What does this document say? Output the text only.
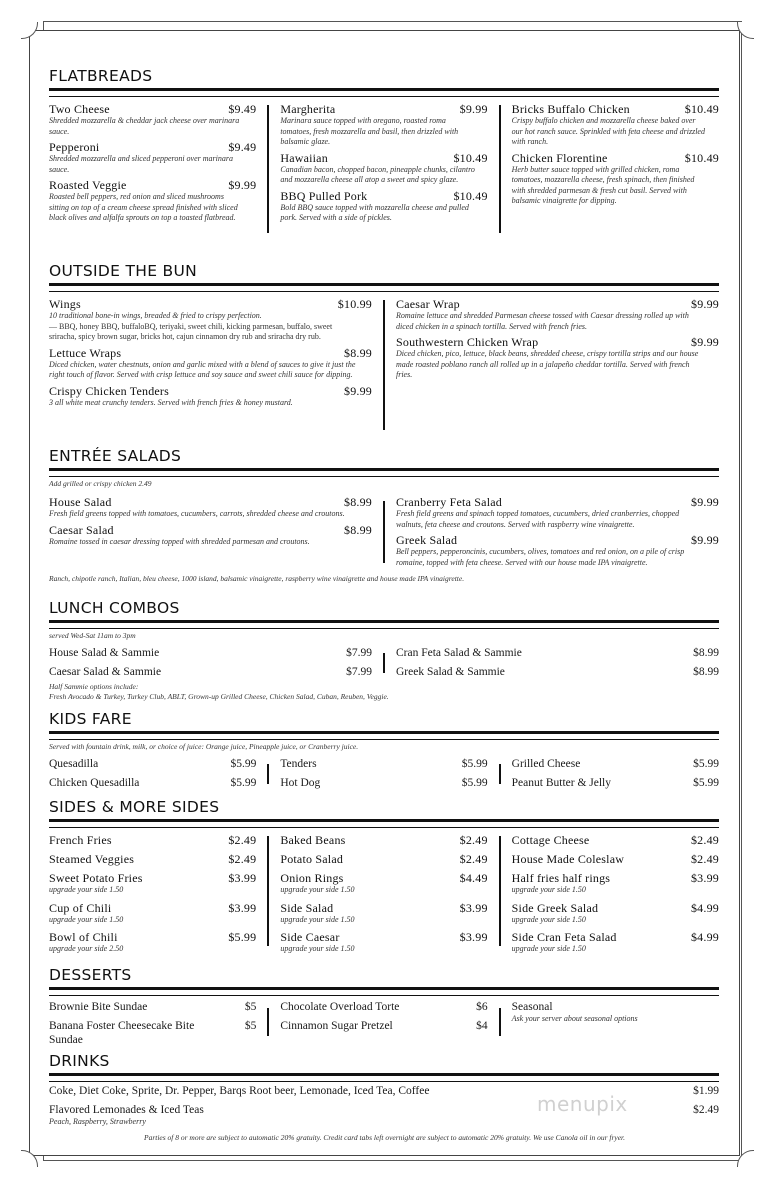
FLATBREADS
Two Cheese	$9.49
Shredded mozzarella & cheddar jack cheese over marinara sauce.
Pepperoni	$9.49
Shredded mozzarella and sliced pepperoni over marinara sauce.
Roasted Veggie	$9.99
Roasted bell peppers, red onion and sliced mushrooms sitting on top of a cream cheese spread finished with sliced black olives and alfalfa sprouts on top a toasted flatbread.
Margherita	$9.99
Marinara sauce topped with oregano, roasted roma tomatoes, fresh mozzarella and basil, then drizzled with balsamic glaze.
Hawaiian	$10.49
Canadian bacon, chopped bacon, pineapple chunks, cilantro and mozzarella cheese all atop a sweet and spicy glaze.
BBQ Pulled Pork	$10.49
Bold BBQ sauce topped with mozzarella cheese and pulled pork. Served with a side of pickles.
Bricks Buffalo Chicken	$10.49
Crispy buffalo chicken and mozzarella cheese baked over our hot ranch sauce. Sprinkled with feta cheese and drizzled with ranch.
Chicken Florentine	$10.49
Herb butter sauce topped with grilled chicken, roma tomatoes, mozzarella cheese, fresh spinach, then finished with shredded parmesan & fresh cut basil. Served with balsamic vinaigrette for dipping.
OUTSIDE THE BUN
Wings	$10.99
10 traditional bone-in wings, breaded & fried to crispy perfection.
— BBQ, honey BBQ, buffaloBQ, teriyaki, sweet chili, kicking parmesan, buffalo, sweet sriracha, spicy brown sugar, bricks hot, cajun cinnamon dry rub and sriracha dry rub.
Lettuce Wraps	$8.99
Diced chicken, water chestnuts, onion and garlic mixed with a blend of sauces to give it just the right touch of flavor. Served with crisp lettuce and soy sauce and sweet chili sauce for dipping.
Crispy Chicken Tenders	$9.99
3 all white meat crunchy tenders. Served with french fries & honey mustard.
Caesar Wrap	$9.99
Romaine lettuce and shredded Parmesan cheese tossed with Caesar dressing rolled up with diced chicken in a spinach tortilla. Served with french fries.
Southwestern Chicken Wrap	$9.99
Diced chicken, pico, lettuce, black beans, shredded cheese, crispy tortilla strips and our house made roasted poblano ranch all rolled up in a jalapeño cheddar tortilla. Served with french fries.
ENTRÉE SALADS
Add grilled or crispy chicken 2.49
House Salad	$8.99
Fresh field greens topped with tomatoes, cucumbers, carrots, shredded cheese and croutons.
Caesar Salad	$8.99
Romaine tossed in caesar dressing topped with shredded parmesan and croutons.
Cranberry Feta Salad	$9.99
Fresh field greens and spinach topped tomatoes, cucumbers, dried cranberries, chopped walnuts, feta cheese and croutons. Served with raspberry wine vinaigrette.
Greek Salad	$9.99
Bell peppers, pepperoncinis, cucumbers, olives, tomatoes and red onion, on a pile of crisp romaine, topped with feta cheese. Served with our house made IPA vinaigrette.
Ranch, chipotle ranch, Italian, bleu cheese, 1000 island, balsamic vinaigrette, raspberry wine vinaigrette and house made IPA vinaigrette.
LUNCH COMBOS
served Wed-Sat 11am to 3pm
House Salad & Sammie	$7.99
Caesar Salad & Sammie	$7.99
Cran Feta Salad & Sammie	$8.99
Greek Salad & Sammie	$8.99
Half Sammie options include:
Fresh Avocado & Turkey, Turkey Club, ABLT, Grown-up Grilled Cheese, Chicken Salad, Cuban, Reuben, Veggie.
KIDS FARE
Served with fountain drink, milk, or choice of juice: Orange juice, Pineapple juice, or Cranberry juice.
Quesadilla	$5.99
Chicken Quesadilla	$5.99
Tenders	$5.99
Hot Dog	$5.99
Grilled Cheese	$5.99
Peanut Butter & Jelly	$5.99
SIDES & MORE SIDES
French Fries	$2.49
Steamed Veggies	$2.49
Sweet Potato Fries	$3.99
upgrade your side 1.50
Cup of Chili	$3.99
upgrade your side 1.50
Bowl of Chili	$5.99
upgrade your side 2.50
Baked Beans	$2.49
Potato Salad	$2.49
Onion Rings	$4.49
upgrade your side 1.50
Side Salad	$3.99
upgrade your side 1.50
Side Caesar	$3.99
upgrade your side 1.50
Cottage Cheese	$2.49
House Made Coleslaw	$2.49
Half fries half rings	$3.99
upgrade your side 1.50
Side Greek Salad	$4.99
upgrade your side 1.50
Side Cran Feta Salad	$4.99
upgrade your side 1.50
DESSERTS
Brownie Bite Sundae	$5
Banana Foster Cheesecake Bite Sundae
$5
Chocolate Overload Torte	$6
Cinnamon Sugar Pretzel	$4
Seasonal
Ask your server about seasonal options
DRINKS
Coke, Diet Coke, Sprite, Dr. Pepper, Barqs Root beer, Lemonade, Iced Tea, Coffee	$1.99
Flavored Lemonades & Iced Teas	$2.49
Peach, Raspberry, Strawberry
menupix
Parties of 8 or more are subject to automatic 20% gratuity. Credit card tabs left overnight are subject to automatic 20% gratuity. We use Canola oil in our fryer.
